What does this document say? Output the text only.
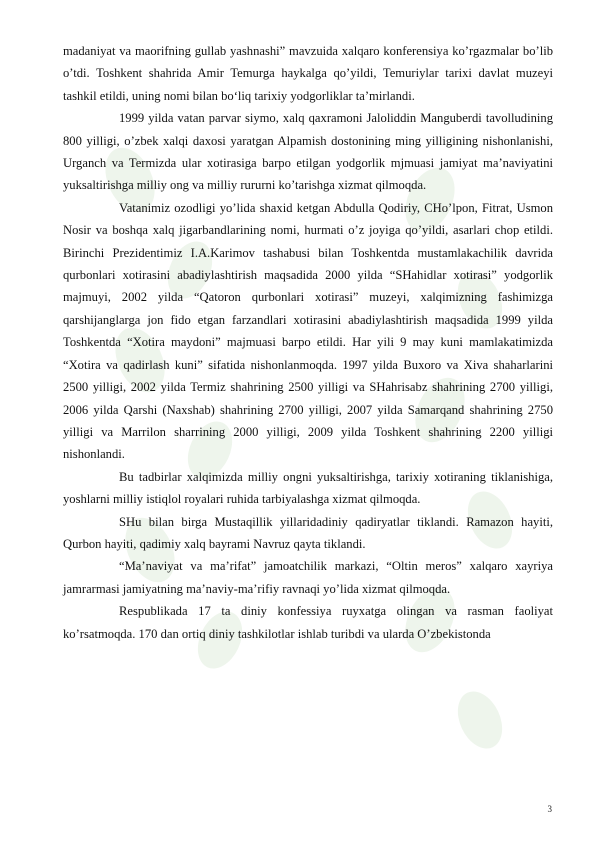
madaniyat va maorifning gullab yashnashi” mavzuida xalqaro konferensiya ko’rgazmalar bo’lib o’tdi. Toshkent shahrida Amir Temurga haykalga qo’yildi, Temuriylar tarixi davlat muzeyi tashkil etildi, uning nomi bilan bo‘liq tarixiy yodgorliklar ta’mirlandi.

1999 yilda vatan parvar siymo, xalq qaxramoni Jaloliddin Manguberdi tavolludining 800 yilligi, o’zbek xalqi daxosi yaratgan Alpamish dostonining ming yilligining nishonlanishi, Urganch va Termizda ular xotirasiga barpo etilgan yodgorlik mjmuasi jamiyat ma’naviyatini yuksaltirishga milliy ong va milliy rururni ko’tarishga xizmat qilmoqda.

Vatanimiz ozodligi yo’lida shaxid ketgan Abdulla Qodiriy, CHo’lpon, Fitrat, Usmon Nosir va boshqa xalq jigarbandlarining nomi, hurmati o’z joyiga qo’yildi, asarlari chop etildi. Birinchi Prezidentimiz I.A.Karimov tashabusi bilan Toshkentda mustamlakachilik davrida qurbonlari xotirasini abadiylashtirish maqsadida 2000 yilda “SHahidlar xotirasi” yodgorlik majmuyi, 2002 yilda “Qatoron qurbonlari xotirasi” muzeyi, xalqimizning fashimizga qarshijanglarga jon fido etgan farzandlari xotirasini abadiylashtirish maqsadida 1999 yilda Toshkentda “Xotira maydoni” majmuasi barpo etildi. Har yili 9 may kuni mamlakatimizda “Xotira va qadirlash kuni” sifatida nishonlanmoqda. 1997 yilda Buxoro va Xiva shaharlarini 2500 yilligi, 2002 yilda Termiz shahrining 2500 yilligi va SHahrisabz shahrining 2700 yilligi, 2006 yilda Qarshi (Naxshab) shahrining 2700 yilligi, 2007 yilda Samarqand shahrining 2750 yilligi va Marrilon sharrining 2000 yilligi, 2009 yilda Toshkent shahrining 2200 yilligi nishonlandi.

Bu tadbirlar xalqimizda milliy ongni yuksaltirishga, tarixiy xotiraning tiklanishiga, yoshlarni milliy istiqlol royalari ruhida tarbiyalashga xizmat qilmoqda.

SHu bilan birga Mustaqillik yillaridadiniy qadiryatlar tiklandi. Ramazon hayiti, Qurbon hayiti, qadimiy xalq bayrami Navruz qayta tiklandi.

“Ma’naviyat va ma’rifat” jamoatchilik markazi, “Oltin meros” xalqaro xayriya jamrarmasi jamiyatning ma’naviy-ma’rifiy ravnaqi yo’lida xizmat qilmoqda.

Respublikada 17 ta diniy konfessiya ruyxatga olingan va rasman faoliyat ko’rsatmoqda. 170 dan ortiq diniy tashkilotlar ishlab turibdi va ularda O’zbekistonda

3
